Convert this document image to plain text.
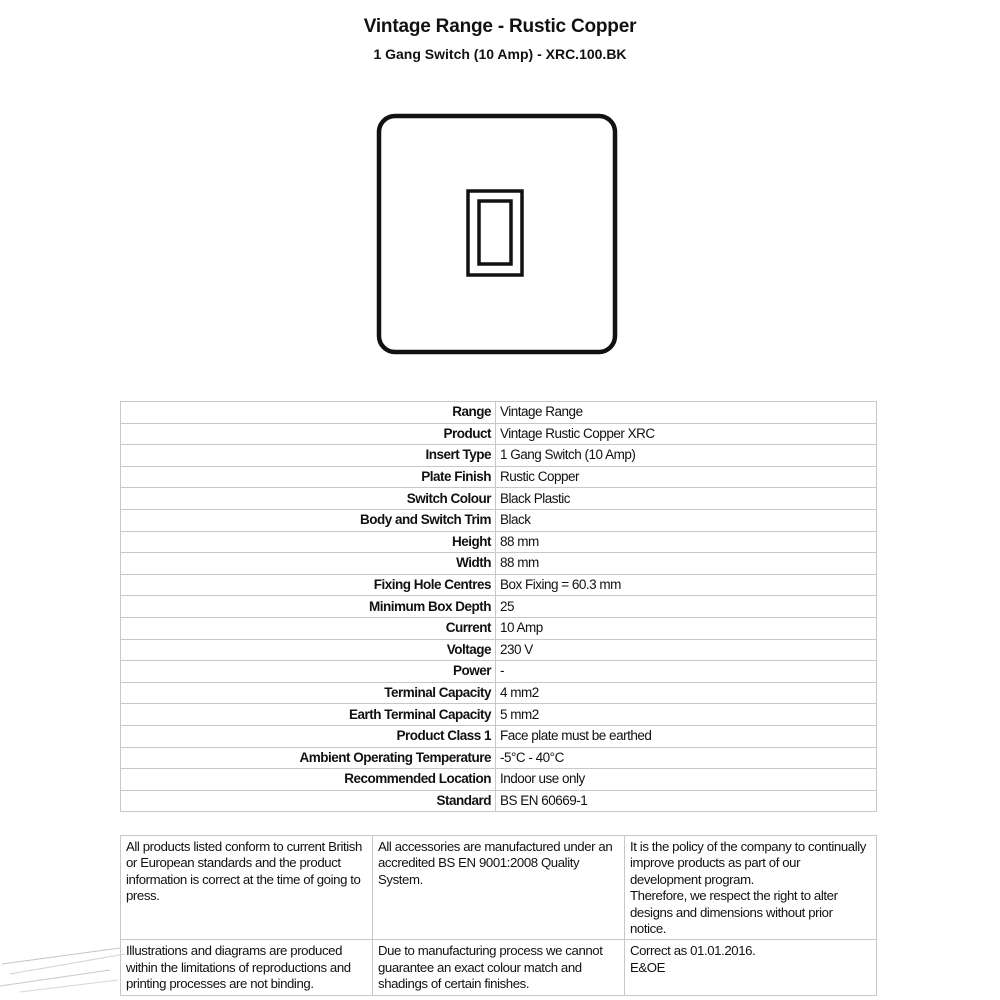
Vintage Range - Rustic Copper
1 Gang Switch (10 Amp) - XRC.100.BK
Range	Vintage Range
Product	Vintage Rustic Copper XRC
Insert Type	1 Gang Switch (10 Amp)
Plate Finish	Rustic Copper
Switch Colour	Black Plastic
Body and Switch Trim	Black
Height	88 mm
Width	88 mm
Fixing Hole Centres	Box Fixing = 60.3 mm
Minimum Box Depth	25
Current	10 Amp
Voltage	230 V
Power	-
Terminal Capacity	4 mm2
Earth Terminal Capacity	5 mm2
Product Class 1	Face plate must be earthed
Ambient Operating Temperature	-5°C - 40°C
Recommended Location	Indoor use only
Standard	BS EN 60669-1
All products listed conform to current British or European standards and the product information is correct at the time of going to press.	All accessories are manufactured under an accredited BS EN 9001:2008 Quality System.	It is the policy of the company to continually improve products as part of our development program.
Therefore, we respect the right to alter designs and dimensions without prior notice.
Illustrations and diagrams are produced within the limitations of reproductions and printing processes are not binding.	Due to manufacturing process we cannot guarantee an exact colour match and shadings of certain finishes.	Correct as 01.01.2016.
E&OE
